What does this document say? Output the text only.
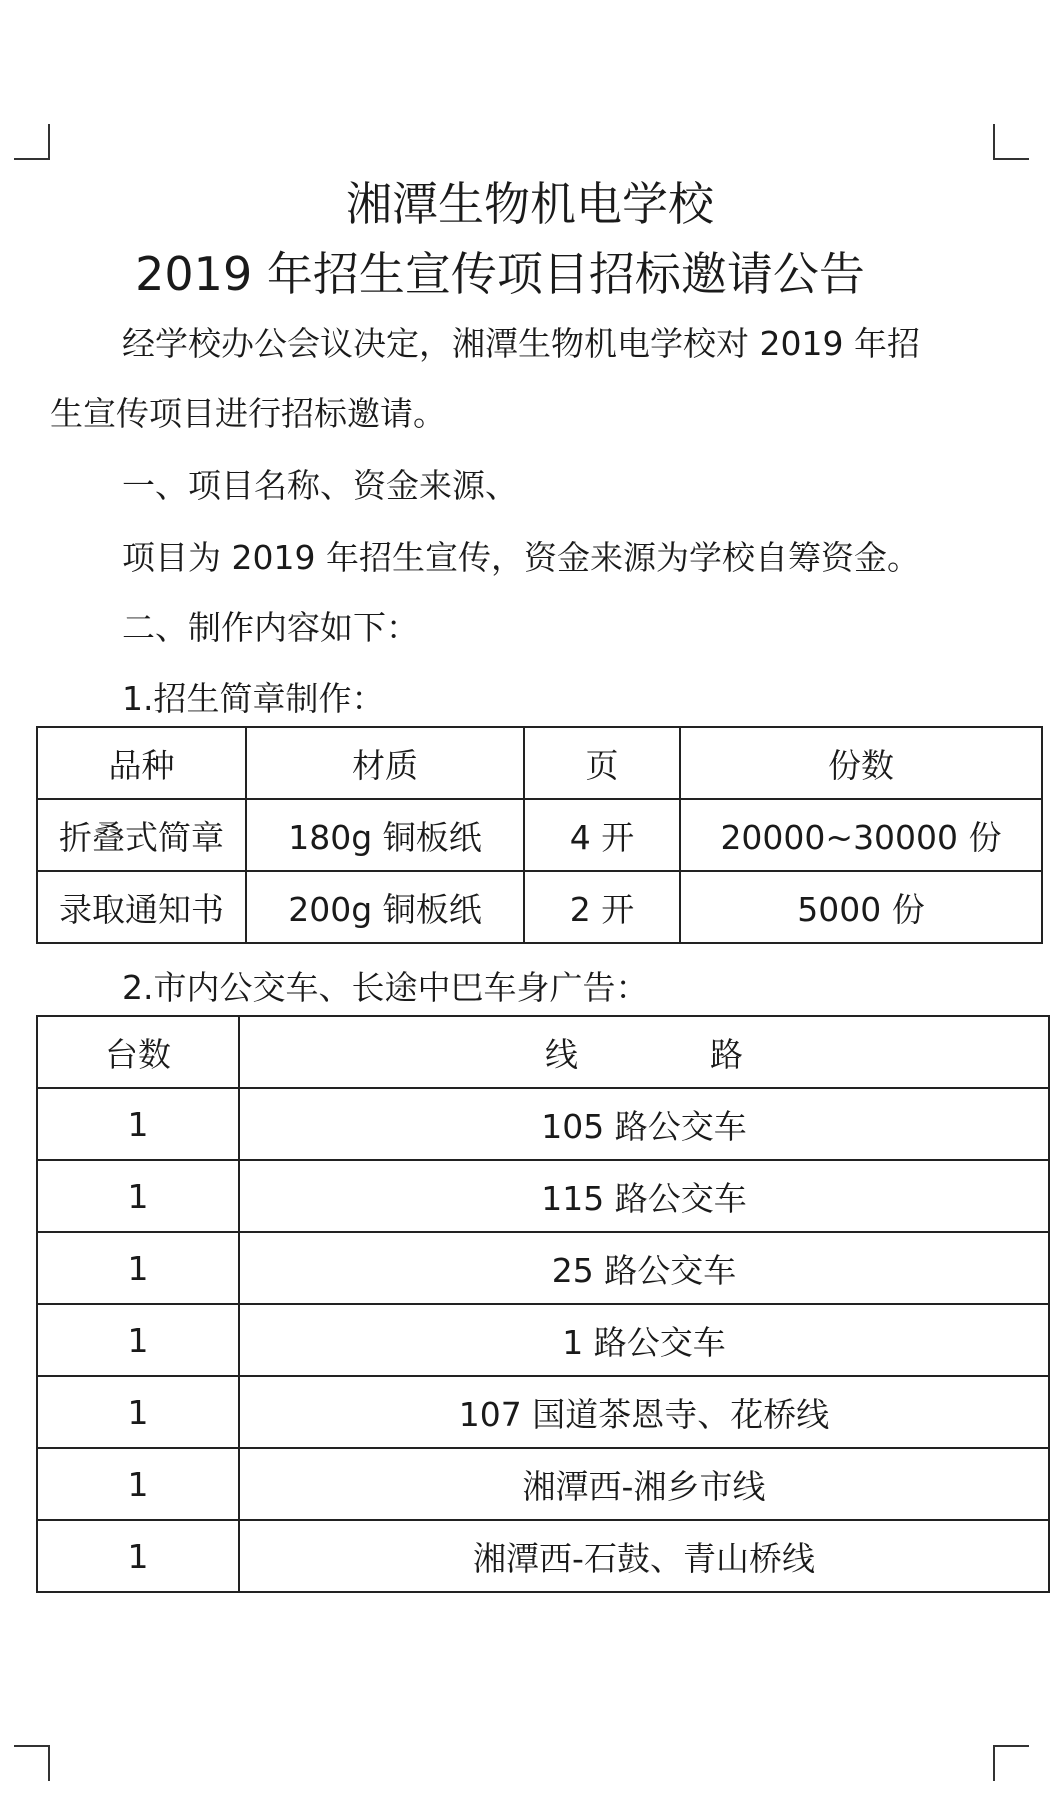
湘潭生物机电学校
2019 年招生宣传项目招标邀请公告
经学校办公会议决定，湘潭生物机电学校对 2019 年招
生宣传项目进行招标邀请。
一、项目名称、资金来源、
项目为 2019 年招生宣传，资金来源为学校自筹资金。
二、制作内容如下：
1.招生简章制作：
品种	材质	页	份数
折叠式简章	180g 铜板纸	4 开	20000~30000 份
录取通知书	200g 铜板纸	2 开	5000 份
2.市内公交车、长途中巴车身广告：
台数	线　　　　路
1	105 路公交车
1	115 路公交车
1	25 路公交车
1	1 路公交车
1	107 国道茶恩寺、花桥线
1	湘潭西-湘乡市线
1	湘潭西-石鼓、青山桥线
